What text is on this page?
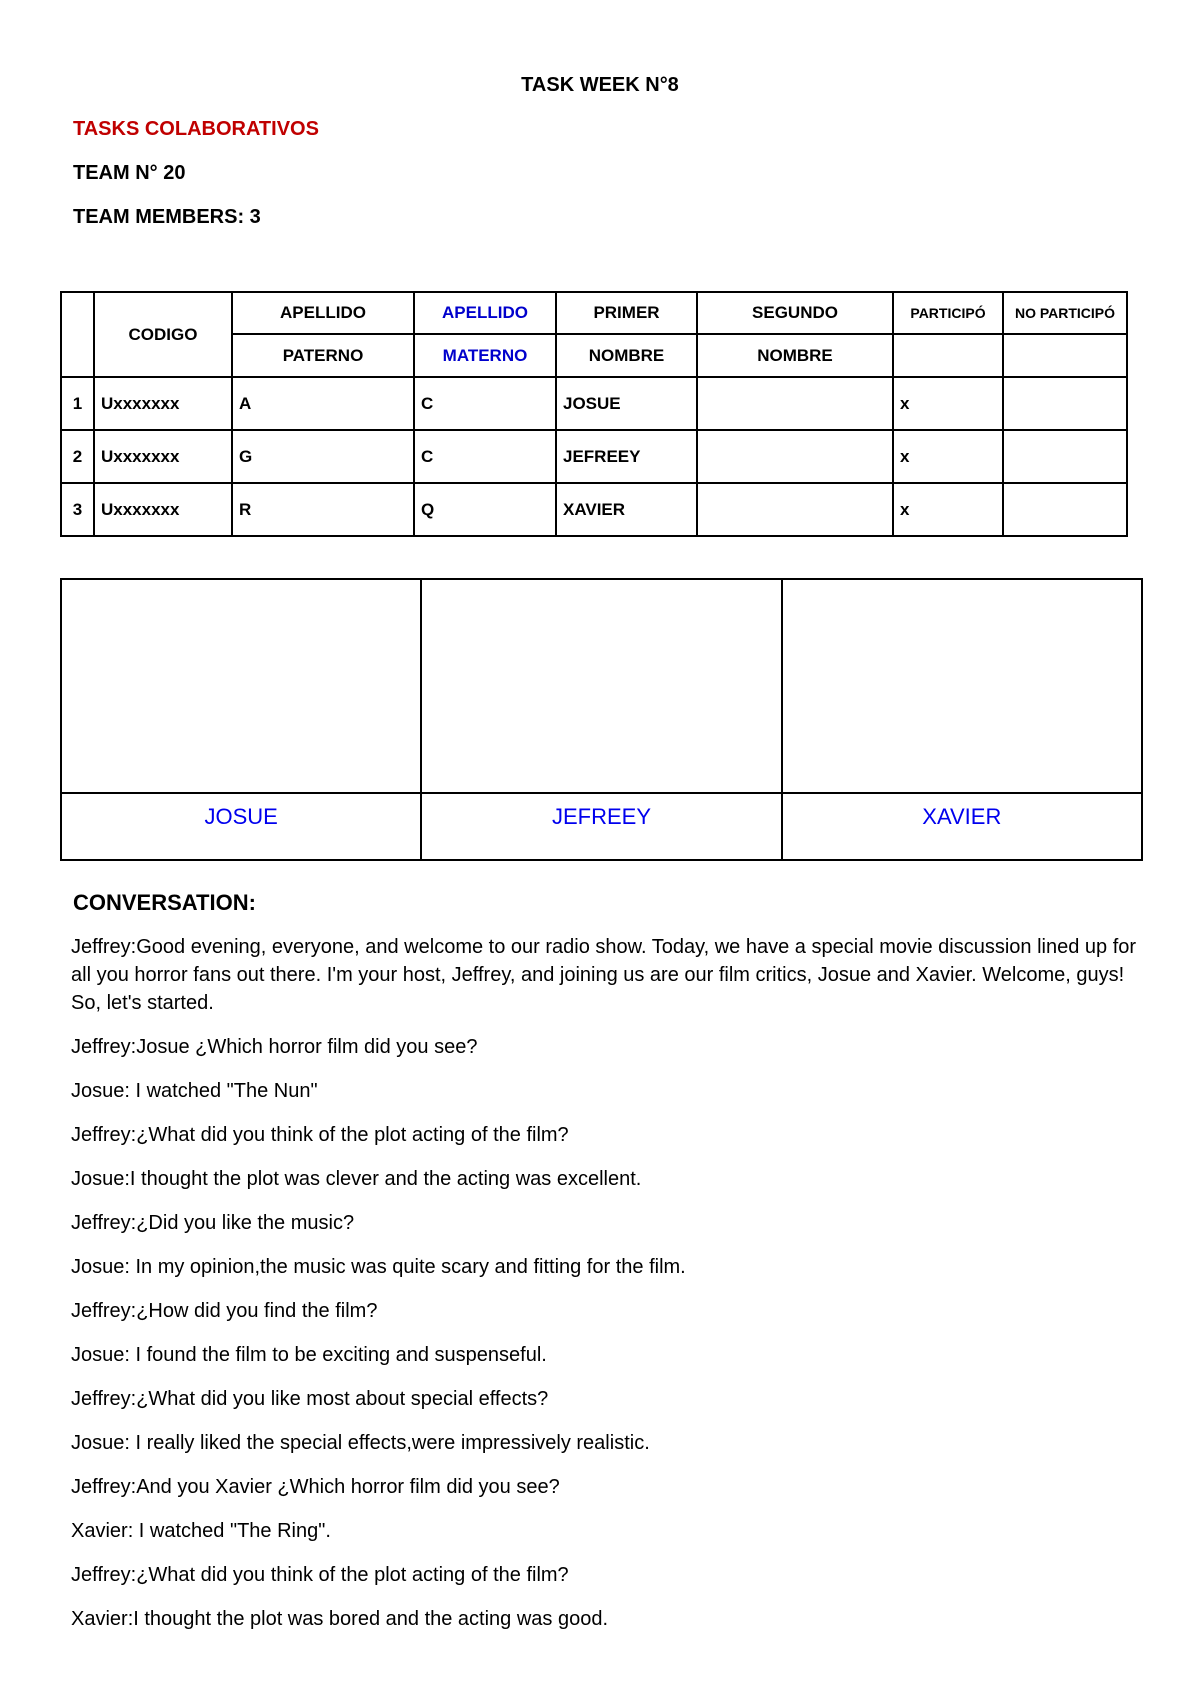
TASK WEEK N°8
TASKS COLABORATIVOS
TEAM N° 20
TEAM MEMBERS: 3
	CODIGO	APELLIDO	APELLIDO	PRIMER	SEGUNDO	PARTICIPÓ	NO PARTICIPÓ
		PATERNO	MATERNO	NOMBRE	NOMBRE		
1	Uxxxxxxx	A	C	JOSUE		x	
2	Uxxxxxxx	G	C	JEFREEY		x	
3	Uxxxxxxx	R	Q	XAVIER		x	

JOSUE	JEFREEY	XAVIER
CONVERSATION:

Jeffrey:Good evening, everyone, and welcome to our radio show. Today, we have a special movie discussion lined up for all you horror fans out there. I'm your host, Jeffrey, and joining us are our film critics, Josue and Xavier. Welcome, guys! So, let's started.

Jeffrey:Josue ¿Which horror film did you see?

Josue: I watched "The Nun"

Jeffrey:¿What did you think of the plot acting of the film?

Josue:I thought the plot was clever and the acting was excellent.

Jeffrey:¿Did you like the music?

Josue: In my opinion,the music was quite scary and fitting for the film.

Jeffrey:¿How did you find the film?

Josue: I found the film to be exciting and suspenseful.

Jeffrey:¿What did you like most about special effects?

Josue: I really liked the special effects,were impressively realistic.

Jeffrey:And you Xavier ¿Which horror film did you see?

Xavier: I watched "The Ring".

Jeffrey:¿What did you think of the plot acting of the film?

Xavier:I thought the plot was bored and the acting was good.
